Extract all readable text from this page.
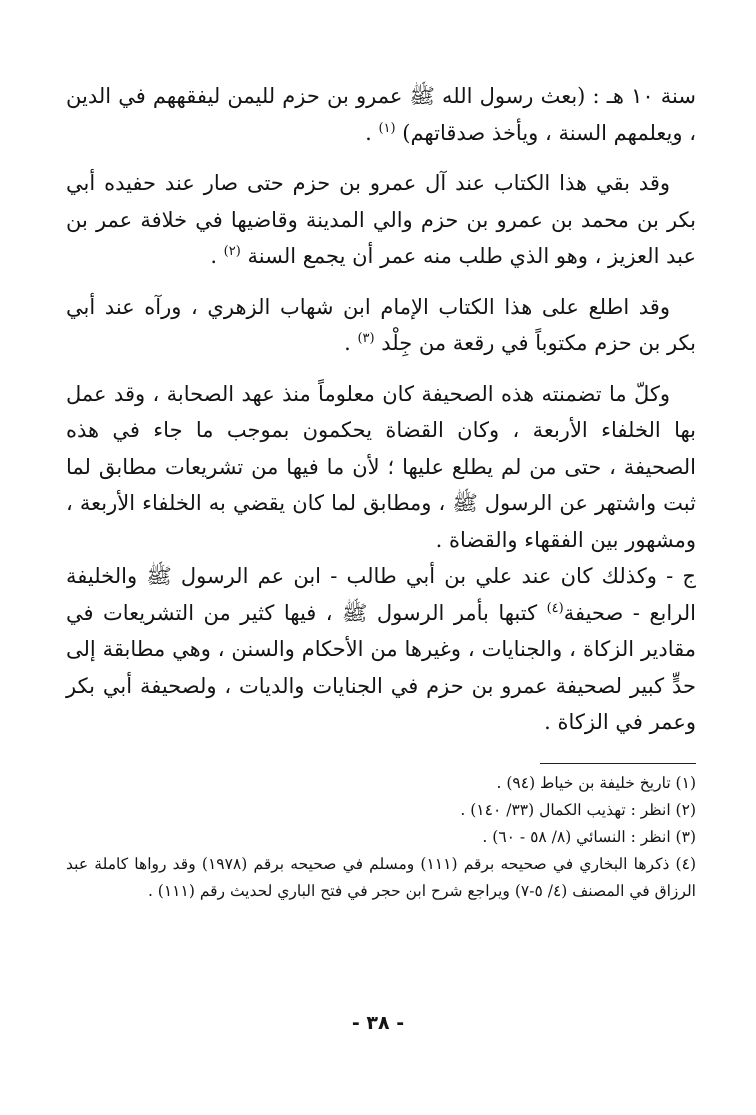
سنة ١٠ هـ : (بعث رسول الله ﷺ عمرو بن حزم لليمن ليفقههم في الدين ، ويعلمهم السنة ، ويأخذ صدقاتهم) $^{(١)}$ .

وقد بقي هذا الكتاب عند آل عمرو بن حزم حتى صار عند حفيده أبي بكر بن محمد بن عمرو بن حزم والي المدينة وقاضيها في خلافة عمر بن عبد العزيز ، وهو الذي طلب منه عمر أن يجمع السنة $^{(٢)}$ .

وقد اطلع على هذا الكتاب الإمام ابن شهاب الزهري ، ورآه عند أبي بكر بن حزم مكتوباً في رقعة من جِلْد $^{(٣)}$ .

وكلّ ما تضمنته هذه الصحيفة كان معلوماً منذ عهد الصحابة ، وقد عمل بها الخلفاء الأربعة ، وكان القضاة يحكمون بموجب ما جاء في هذه الصحيفة ، حتى من لم يطلع عليها ؛ لأن ما فيها من تشريعات مطابق لما ثبت واشتهر عن الرسول ﷺ ، ومطابق لما كان يقضي به الخلفاء الأربعة ، ومشهور بين الفقهاء والقضاة .

ج - وكذلك كان عند علي بن أبي طالب - ابن عم الرسول ﷺ والخليفة الرابع - صحيفة$^{(٤)}$ كتبها بأمر الرسول ﷺ ، فيها كثير من التشريعات في مقادير الزكاة ، والجنايات ، وغيرها من الأحكام والسنن ، وهي مطابقة إلى حدٍّ كبير لصحيفة عمرو بن حزم في الجنايات والديات ، ولصحيفة أبي بكر وعمر في الزكاة .

(١) تاريخ خليفة بن خياط (٩٤) .

(٢) انظر : تهذيب الكمال (٣٣/ ١٤٠) .

(٣) انظر : النسائي (٨/ ٥٨ - ٦٠) .

(٤) ذكرها البخاري في صحيحه برقم (١١١) ومسلم في صحيحه برقم (١٩٧٨) وقد رواها كاملة عبد الرزاق في المصنف (٤/ ٥-٧) ويراجع شرح ابن حجر في فتح الباري لحديث رقم (١١١) .

- ٣٨ -
